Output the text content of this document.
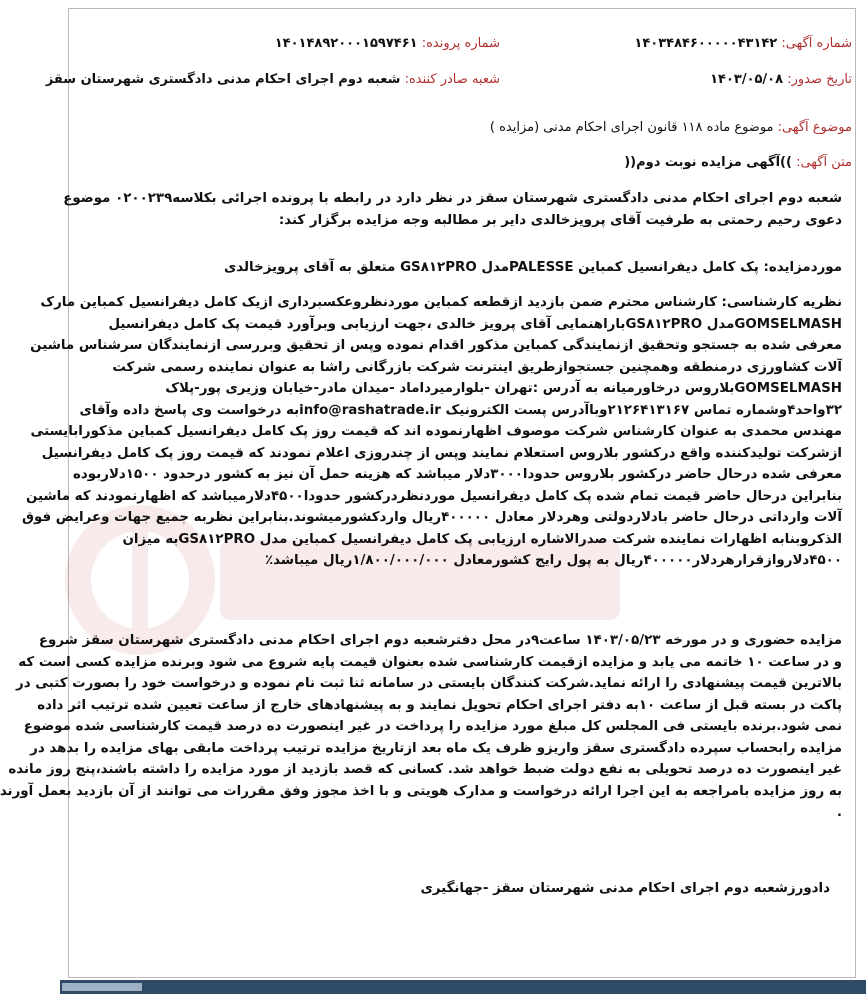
شماره آگهی: ۱۴۰۳۴۸۴۶۰۰۰۰۰۴۳۱۴۲
شماره پرونده: ۱۴۰۱۴۸۹۲۰۰۰۱۵۹۷۴۶۱
تاریخ صدور: ۱۴۰۳/۰۵/۰۸
شعبه صادر کننده: شعبه دوم اجرای احکام مدنی دادگستری شهرستان سقز
موضوع آگهی: موضوع ماده ۱۱۸ قانون اجرای احکام مدنی (مزایده )
متن آگهی: ))آگهی مزایده نوبت دوم((
شعبه دوم اجرای احکام مدنی دادگستری شهرستان سقز در نظر دارد در رابطه با پرونده اجرائی بکلاسه۰۲۰۰۲۳۹ موضوع
دعوی رحیم رحمتی به طرفیت آقای پرویزخالدی دایر بر مطالبه وجه مزایده برگزار کند:
موردمزایده: پک کامل دیفرانسیل کمباین PALESSEمدل GS۸۱۲PRO متعلق به آقای پرویزخالدی
نظریه کارشناسی: کارشناس محترم ضمن بازدید ازقطعه کمباین موردنظروعکسبرداری ازیک کامل دیفرانسیل کمباین مارک
GOMSELMASHمدل GS۸۱۲PROباراهنمایی آقای پرویز خالدی ،جهت ارزیابی وبرآورد قیمت پک کامل دیفرانسیل
معرفی شده به جستجو وتحقیق ازنمایندگی کمباین مذکور اقدام نموده وپس از تحقیق وبررسی ازنمایندگان سرشناس ماشین
آلات کشاورزی درمنطقه وهمچنین جستجوازطریق اینترنت شرکت بازرگانی راشا به عنوان نماینده رسمی شرکت
GOMSELMASHبلاروس درخاورمیانه به آدرس :تهران -بلوارمیرداماد -میدان مادر-خیابان وزیری پور-پلاک
۳۲واحد۴وشماره تماس ۲۱۲۶۴۱۳۱۶۷وباآدرس پست الکترونیک info@rashatrade.irبه درخواست وی پاسخ داده وآقای
مهندس محمدی به عنوان کارشناس شرکت موصوف اظهارنموده اند که قیمت روز پک کامل دیفرانسیل کمباین مذکورابایستی
ازشرکت تولیدکننده واقع درکشور بلاروس استعلام نمایند وپس از چندروزی اعلام نمودند که قیمت روز پک کامل دیفرانسیل
معرفی شده درحال حاضر درکشور بلاروس حدودا۳۰۰۰دلار میباشد که هزینه حمل آن نیز به کشور درحدود ۱۵۰۰دلاربوده
بنابراین درحال حاضر قیمت تمام شده پک کامل دیفرانسیل موردنظردرکشور حدودا۴۵۰۰دلارمیباشد که اظهارنمودند که ماشین
آلات وارداتی درحال حاضر بادلاردولتی وهردلار معادل ۴۰۰۰۰۰ریال واردکشورمیشوند.بنابراین نظربه جمیع جهات وعرایض فوق
الذکروبنابه اظهارات نماینده شرکت صدرالاشاره ارزیابی پک کامل دیفرانسیل کمباین مدل GS۸۱۲PROبه میزان
۴۵۰۰دلاروازقرارهردلار۴۰۰۰۰۰ریال به پول رایج کشورمعادل ۱/۸۰۰/۰۰۰/۰۰۰ریال میباشد٪
مزایده حضوری و در مورخه ۱۴۰۳/۰۵/۲۳ ساعت۹در محل دفترشعبه دوم اجرای احکام مدنی دادگستری شهرستان سقز شروع
و در ساعت ۱۰ خاتمه می یابد و مزایده ازقیمت کارشناسی شده بعنوان قیمت پایه شروع می شود وبرنده مزایده کسی است که
بالاترین قیمت پیشنهادی را ارائه نماید.شرکت کنندگان بایستی در سامانه ثنا ثبت نام نموده و درخواست خود را بصورت کتبی در
پاکت در بسته قبل از ساعت ۱۰به دفتر اجرای احکام تحویل نمایند و به پیشنهادهای خارج از ساعت تعیین شده ترتیب اثر داده
نمی شود.برنده بایستی فی المجلس کل مبلغ مورد مزایده را پرداخت در غیر اینصورت ده درصد قیمت کارشناسی شده موضوع
مزایده رابحساب سپرده دادگستری سقز واریزو ظرف یک ماه بعد ازتاریخ مزایده ترتیب پرداخت مابقی بهای مزایده را بدهد در
غیر اینصورت ده درصد تحویلی به نفع دولت ضبط خواهد شد. کسانی که قصد بازدید از مورد مزایده را داشته باشند،پنج روز مانده
به روز مزایده بامراجعه به این اجرا ارائه درخواست و مدارک هویتی و با اخذ مجوز وفق مقررات می توانند از آن بازدید بعمل آورند
.
دادورزشعبه دوم اجرای احکام مدنی شهرستان سقز -جهانگیری
